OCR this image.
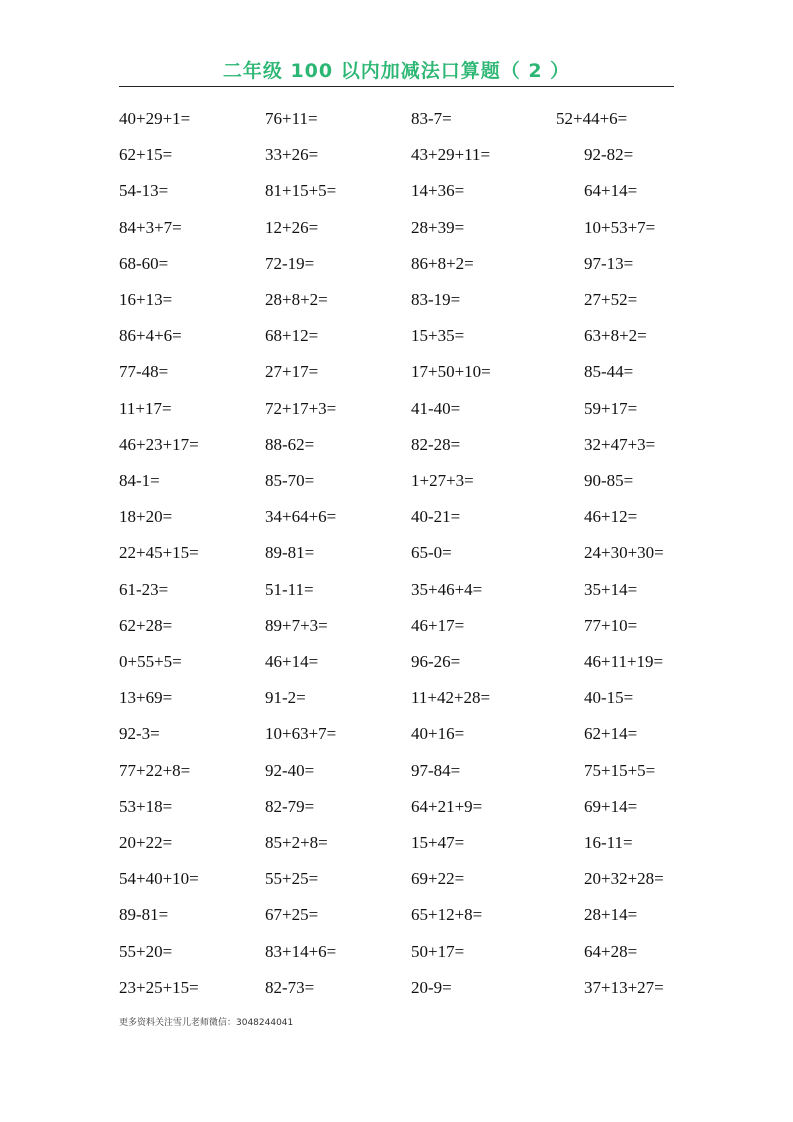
二年级 100 以内加减法口算题（ 2 ）
40+29+1=	76+11=	83-7=	52+44+6=
62+15=	33+26=	43+29+11=	92-82=
54-13=	81+15+5=	14+36=	64+14=
84+3+7=	12+26=	28+39=	10+53+7=
68-60=	72-19=	86+8+2=	97-13=
16+13=	28+8+2=	83-19=	27+52=
86+4+6=	68+12=	15+35=	63+8+2=
77-48=	27+17=	17+50+10=	85-44=
11+17=	72+17+3=	41-40=	59+17=
46+23+17=	88-62=	82-28=	32+47+3=
84-1=	85-70=	1+27+3=	90-85=
18+20=	34+64+6=	40-21=	46+12=
22+45+15=	89-81=	65-0=	24+30+30=
61-23=	51-11=	35+46+4=	35+14=
62+28=	89+7+3=	46+17=	77+10=
0+55+5=	46+14=	96-26=	46+11+19=
13+69=	91-2=	11+42+28=	40-15=
92-3=	10+63+7=	40+16=	62+14=
77+22+8=	92-40=	97-84=	75+15+5=
53+18=	82-79=	64+21+9=	69+14=
20+22=	85+2+8=	15+47=	16-11=
54+40+10=	55+25=	69+22=	20+32+28=
89-81=	67+25=	65+12+8=	28+14=
55+20=	83+14+6=	50+17=	64+28=
23+25+15=	82-73=	20-9=	37+13+27=
更多资料关注雪儿老师微信：3048244041
